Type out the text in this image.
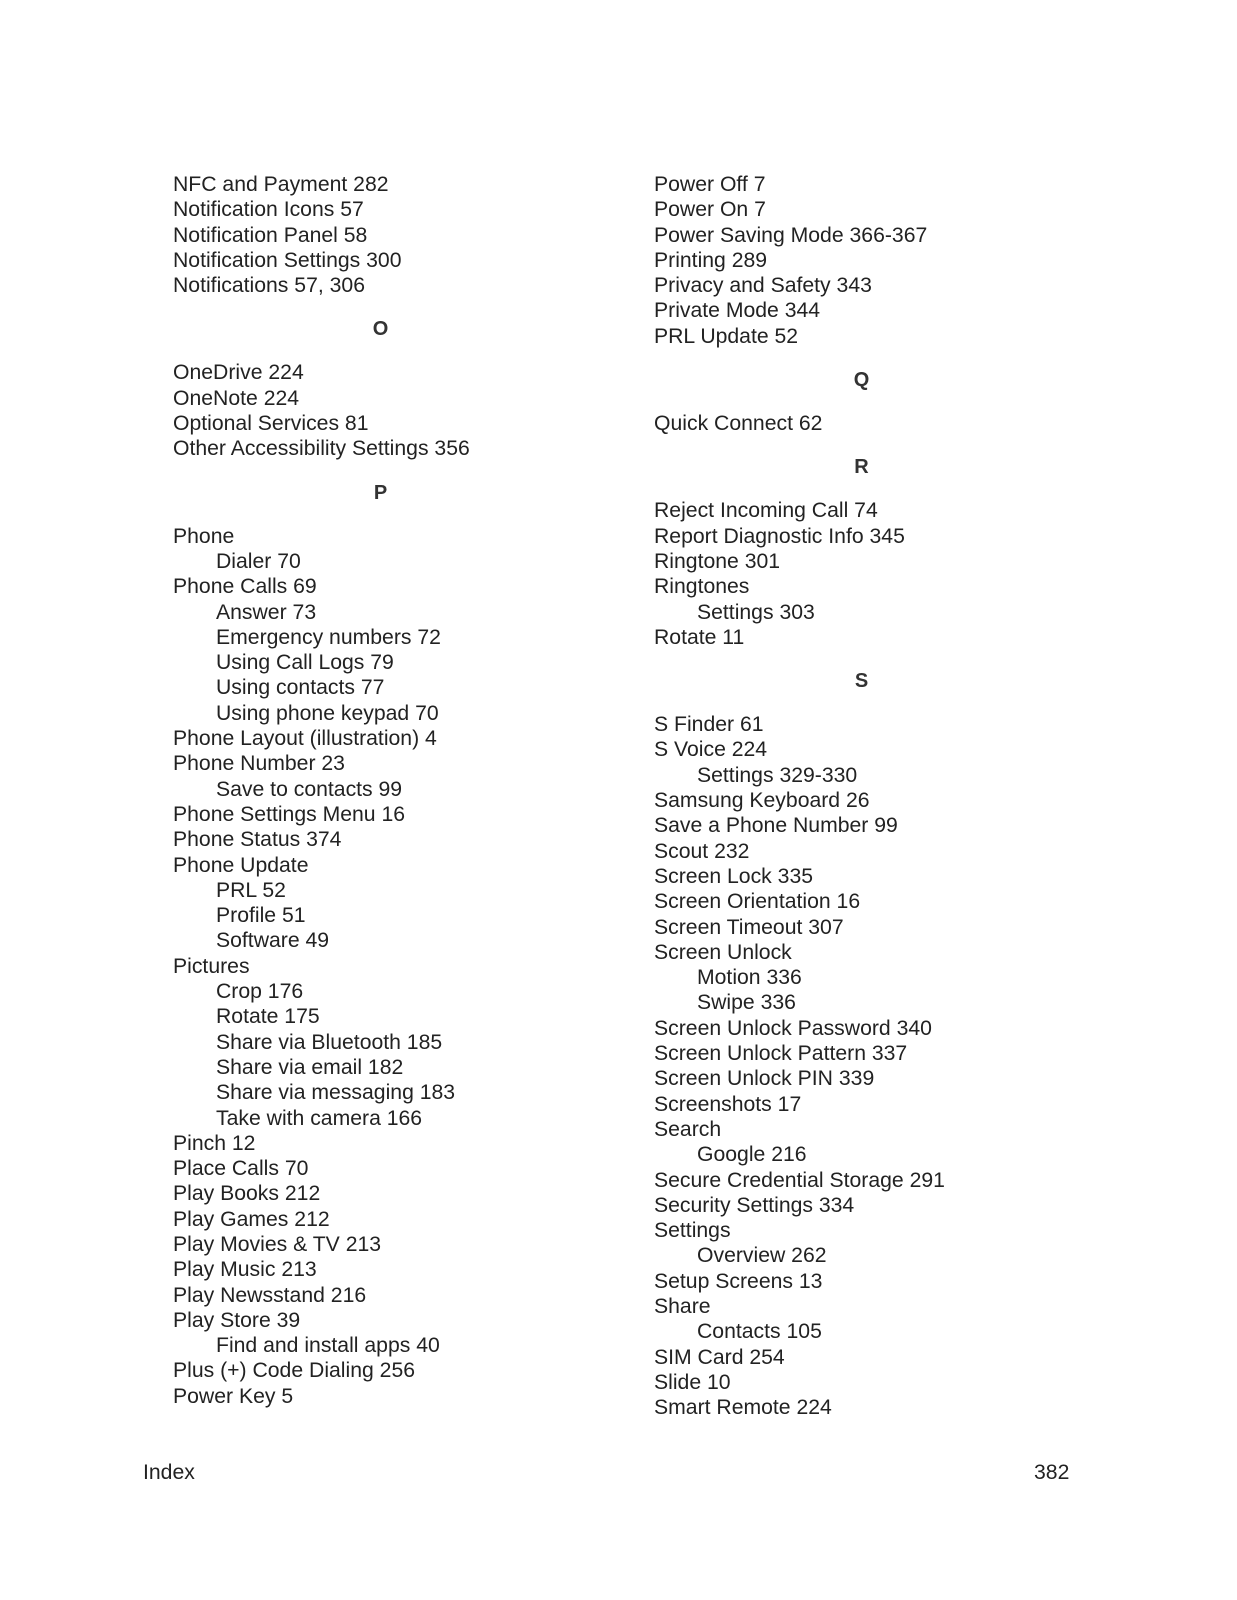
NFC and Payment 282
Notification Icons 57
Notification Panel 58
Notification Settings 300
Notifications 57, 306
O
OneDrive 224
OneNote 224
Optional Services 81
Other Accessibility Settings 356
P
Phone
Dialer 70
Phone Calls 69
Answer 73
Emergency numbers 72
Using Call Logs 79
Using contacts 77
Using phone keypad 70
Phone Layout (illustration) 4
Phone Number 23
Save to contacts 99
Phone Settings Menu 16
Phone Status 374
Phone Update
PRL 52
Profile 51
Software 49
Pictures
Crop 176
Rotate 175
Share via Bluetooth 185
Share via email 182
Share via messaging 183
Take with camera 166
Pinch 12
Place Calls 70
Play Books 212
Play Games 212
Play Movies & TV 213
Play Music 213
Play Newsstand 216
Play Store 39
Find and install apps 40
Plus (+) Code Dialing 256
Power Key 5
Power Off 7
Power On 7
Power Saving Mode 366-367
Printing 289
Privacy and Safety 343
Private Mode 344
PRL Update 52
Q
Quick Connect 62
R
Reject Incoming Call 74
Report Diagnostic Info 345
Ringtone 301
Ringtones
Settings 303
Rotate 11
S
S Finder 61
S Voice 224
Settings 329-330
Samsung Keyboard 26
Save a Phone Number 99
Scout 232
Screen Lock 335
Screen Orientation 16
Screen Timeout 307
Screen Unlock
Motion 336
Swipe 336
Screen Unlock Password 340
Screen Unlock Pattern 337
Screen Unlock PIN 339
Screenshots 17
Search
Google 216
Secure Credential Storage 291
Security Settings 334
Settings
Overview 262
Setup Screens 13
Share
Contacts 105
SIM Card 254
Slide 10
Smart Remote 224
Index	382
